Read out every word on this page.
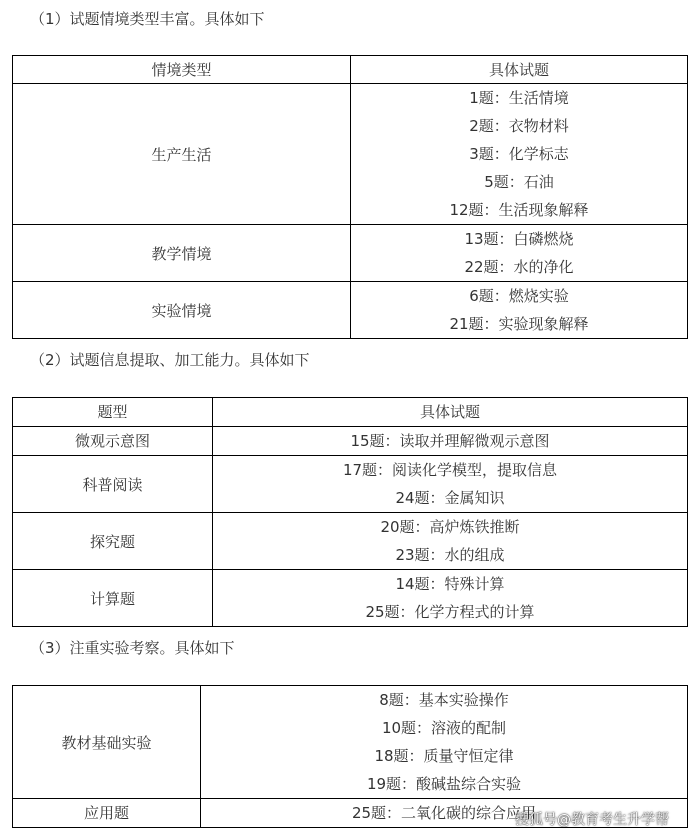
（1）试题情境类型丰富。具体如下
情境类型	具体试题
生产生活	1题：生活情境
2题：衣物材料
3题：化学标志
5题：石油
12题：生活现象解释

教学情境	13题：白磷燃烧
22题：水的净化

实验情境	6题：燃烧实验
21题：实验现象解释
（2）试题信息提取、加工能力。具体如下
题型	具体试题
微观示意图	15题：读取并理解微观示意图
科普阅读	17题：阅读化学模型，提取信息
24题：金属知识

探究题	20题：高炉炼铁推断
23题：水的组成

计算题	14题：特殊计算
25题：化学方程式的计算
（3）注重实验考察。具体如下
教材基础实验	8题：基本实验操作
10题：溶液的配制
18题：质量守恒定律
19题：酸碱盐综合实验

应用题	25题：二氧化碳的综合应用
搜狐号@教育考生升学帮
